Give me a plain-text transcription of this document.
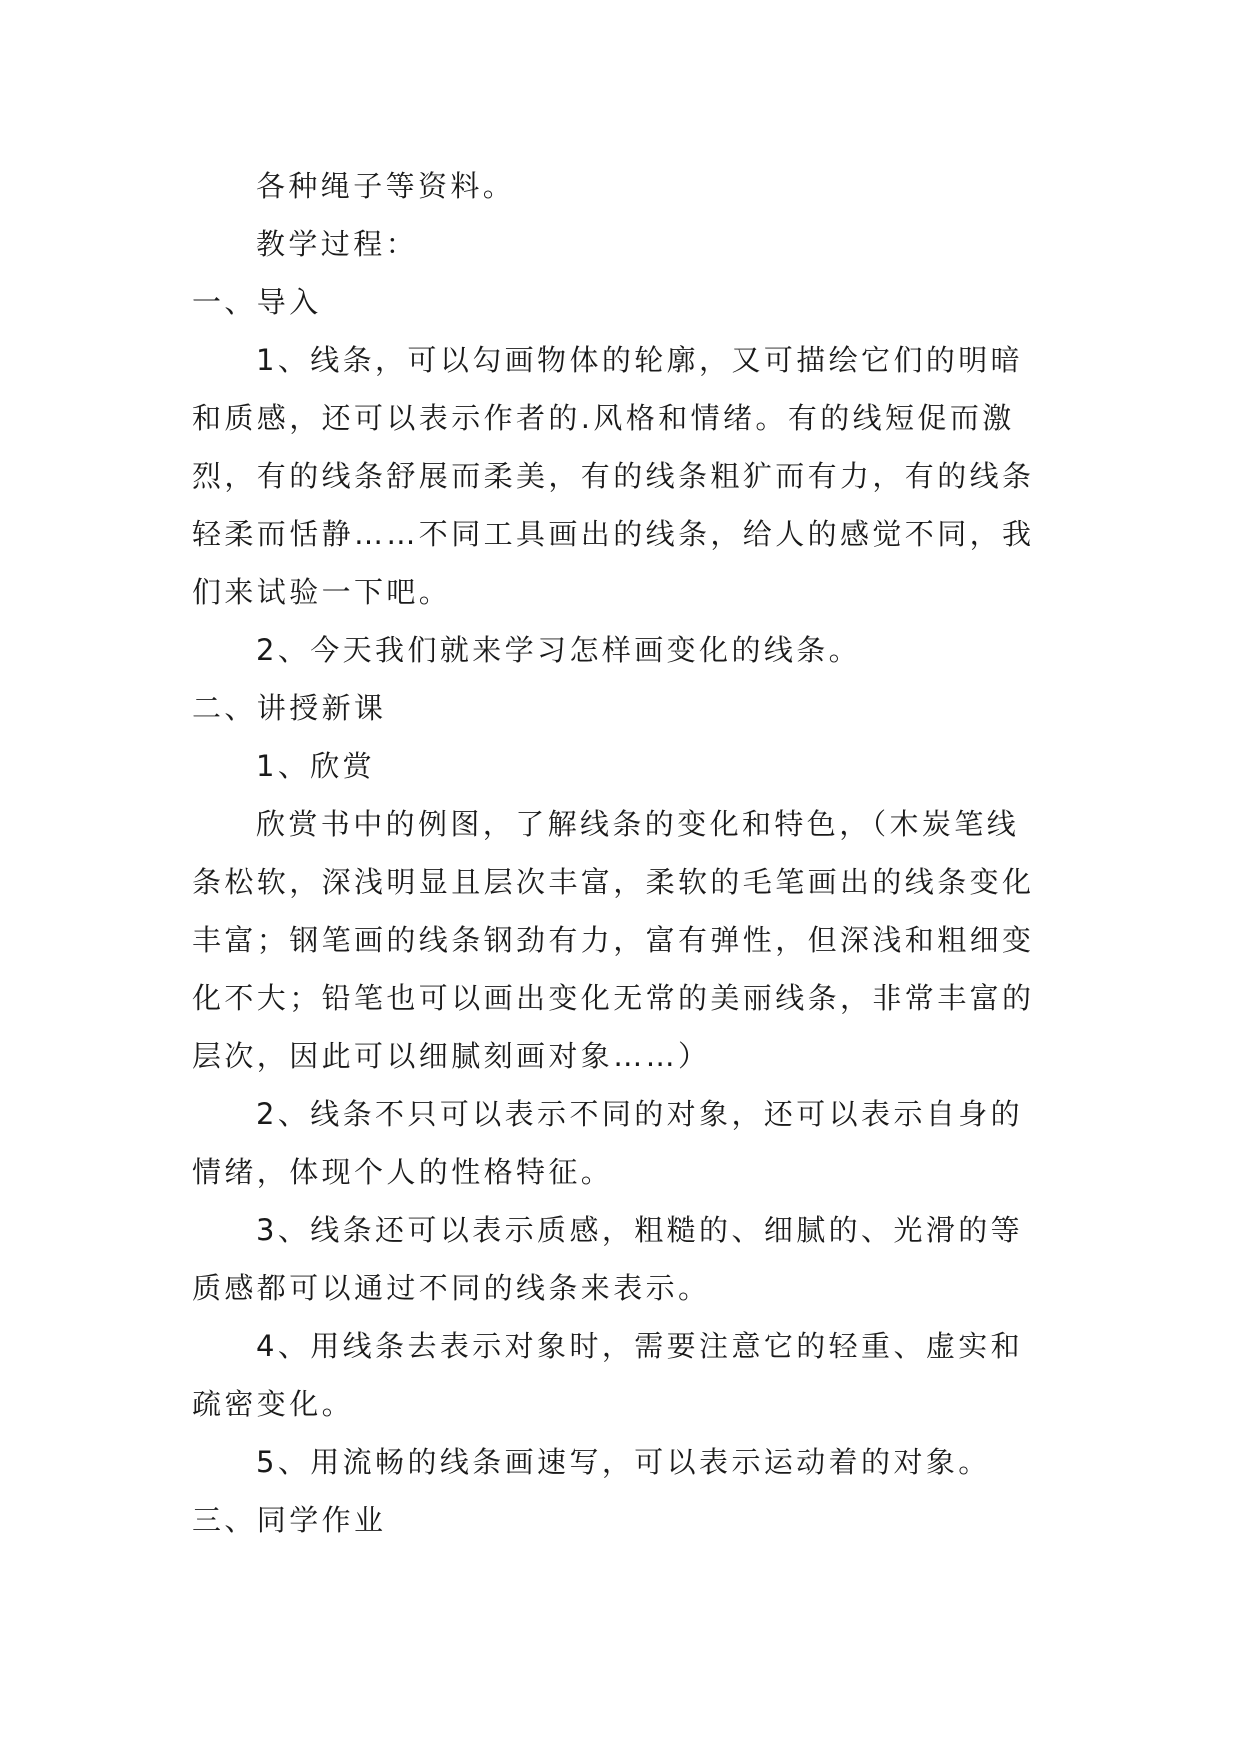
各种绳子等资料。
教学过程：
一、导入
1、线条，可以勾画物体的轮廓，又可描绘它们的明暗
和质感，还可以表示作者的.风格和情绪。有的线短促而激
烈，有的线条舒展而柔美，有的线条粗犷而有力，有的线条
轻柔而恬静……不同工具画出的线条，给人的感觉不同，我
们来试验一下吧。
2、今天我们就来学习怎样画变化的线条。
二、讲授新课
1、欣赏
欣赏书中的例图，了解线条的变化和特色，（木炭笔线
条松软，深浅明显且层次丰富，柔软的毛笔画出的线条变化
丰富；钢笔画的线条钢劲有力，富有弹性，但深浅和粗细变
化不大；铅笔也可以画出变化无常的美丽线条，非常丰富的
层次，因此可以细腻刻画对象……）
2、线条不只可以表示不同的对象，还可以表示自身的
情绪，体现个人的性格特征。
3、线条还可以表示质感，粗糙的、细腻的、光滑的等
质感都可以通过不同的线条来表示。
4、用线条去表示对象时，需要注意它的轻重、虚实和
疏密变化。
5、用流畅的线条画速写，可以表示运动着的对象。
三、同学作业
